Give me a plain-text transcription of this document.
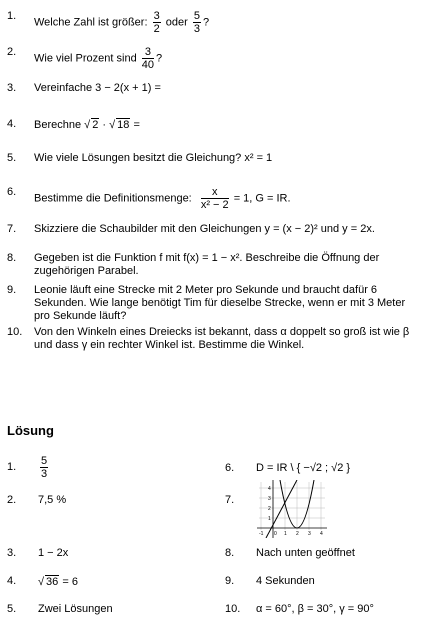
1.
Welche Zahl ist größer: $\frac{3}{2}$ oder $\frac{5}{3}$ ?
2.
Wie viel Prozent sind $\frac{3}{40}$ ?
3. Vereinfache 3 − 2(x + 1) =
4. Berechne √ 2 · √ 18 =
5. Wie viele Lösungen besitzt die Gleichung? x² = 1
6.
Bestimme die Definitionsmenge: $\frac{x}{\text{x² − 2}} = 1$, G = IR.
7. Skizziere die Schaubilder mit den Gleichungen y = (x − 2)² und y = 2x.
8. Gegeben ist die Funktion f mit f(x) = 1 − x². Beschreibe die Öffnung der zugehörigen Parabel.
9. Leonie läuft eine Strecke mit 2 Meter pro Sekunde und braucht dafür 6 Sekunden. Wie lange benötigt Tim für dieselbe Strecke, wenn er mit 3 Meter pro Sekunde läuft?
10. Von den Winkeln eines Dreiecks ist bekannt, dass α doppelt so groß ist wie β und dass γ ein rechter Winkel ist. Bestimme die Winkel.
Lösung
1. $\frac{5}{3}$
2. 7,5 %
3. 1 − 2x
4. √ 36 = 6
5. Zwei Lösungen
6. D = IR \ { −√2 ; √2 }
7.
-1 0 1 2 3 4
1
2
3
4
8. Nach unten geöffnet
9. 4 Sekunden
10. α = 60°, β = 30°, γ = 90°
